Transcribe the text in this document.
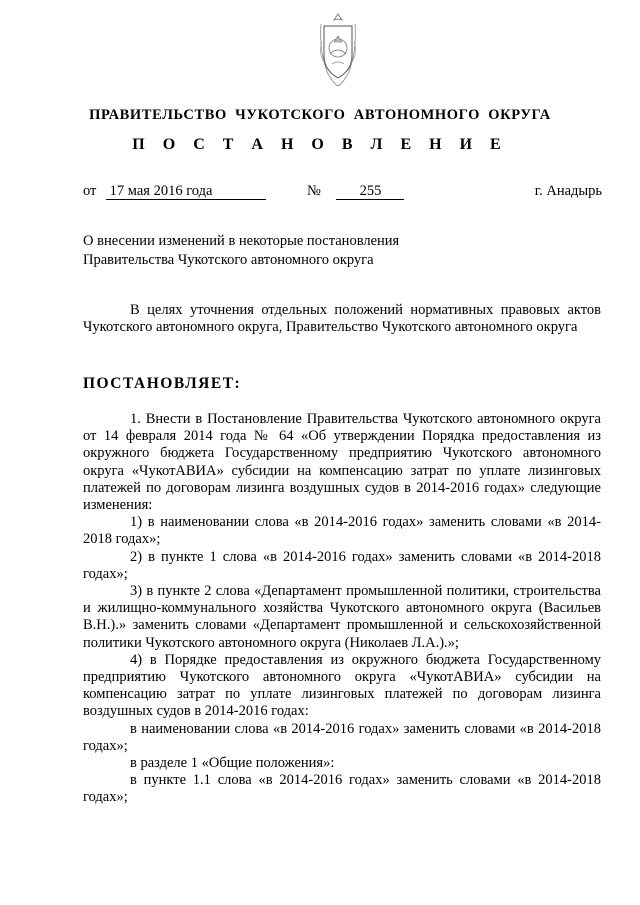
ПРАВИТЕЛЬСТВО ЧУКОТСКОГО АВТОНОМНОГО ОКРУГА
П О С Т А Н О В Л Е Н И Е
от 17 мая 2016 года	№	255	г. Анадырь
О внесении изменений в некоторые постановления
Правительства Чукотского автономного округа

В целях уточнения отдельных положений нормативных правовых актов Чукотского автономного округа, Правительство Чукотского автономного округа

ПОСТАНОВЛЯЕТ:

1. Внести в Постановление Правительства Чукотского автономного округа от 14 февраля 2014 года № 64 «Об утверждении Порядка предоставления из окружного бюджета Государственному предприятию Чукотского автономного округа «ЧукотАВИА» субсидии на компенсацию затрат по уплате лизинговых платежей по договорам лизинга воздушных судов в 2014-2016 годах» следующие изменения:

1) в наименовании слова «в 2014-2016 годах» заменить словами «в 2014-2018 годах»;

2) в пункте 1 слова «в 2014-2016 годах» заменить словами «в 2014-2018 годах»;

3) в пункте 2 слова «Департамент промышленной политики, строительства и жилищно-коммунального хозяйства Чукотского автономного округа (Васильев В.Н.).» заменить словами «Департамент промышленной и сельскохозяйственной политики Чукотского автономного округа (Николаев Л.А.).»;

4) в Порядке предоставления из окружного бюджета Государственному предприятию Чукотского автономного округа «ЧукотАВИА» субсидии на компенсацию затрат по уплате лизинговых платежей по договорам лизинга воздушных судов в 2014-2016 годах:

в наименовании слова «в 2014-2016 годах» заменить словами «в 2014-2018 годах»;

в разделе 1 «Общие положения»:

в пункте 1.1 слова «в 2014-2016 годах» заменить словами «в 2014-2018 годах»;
